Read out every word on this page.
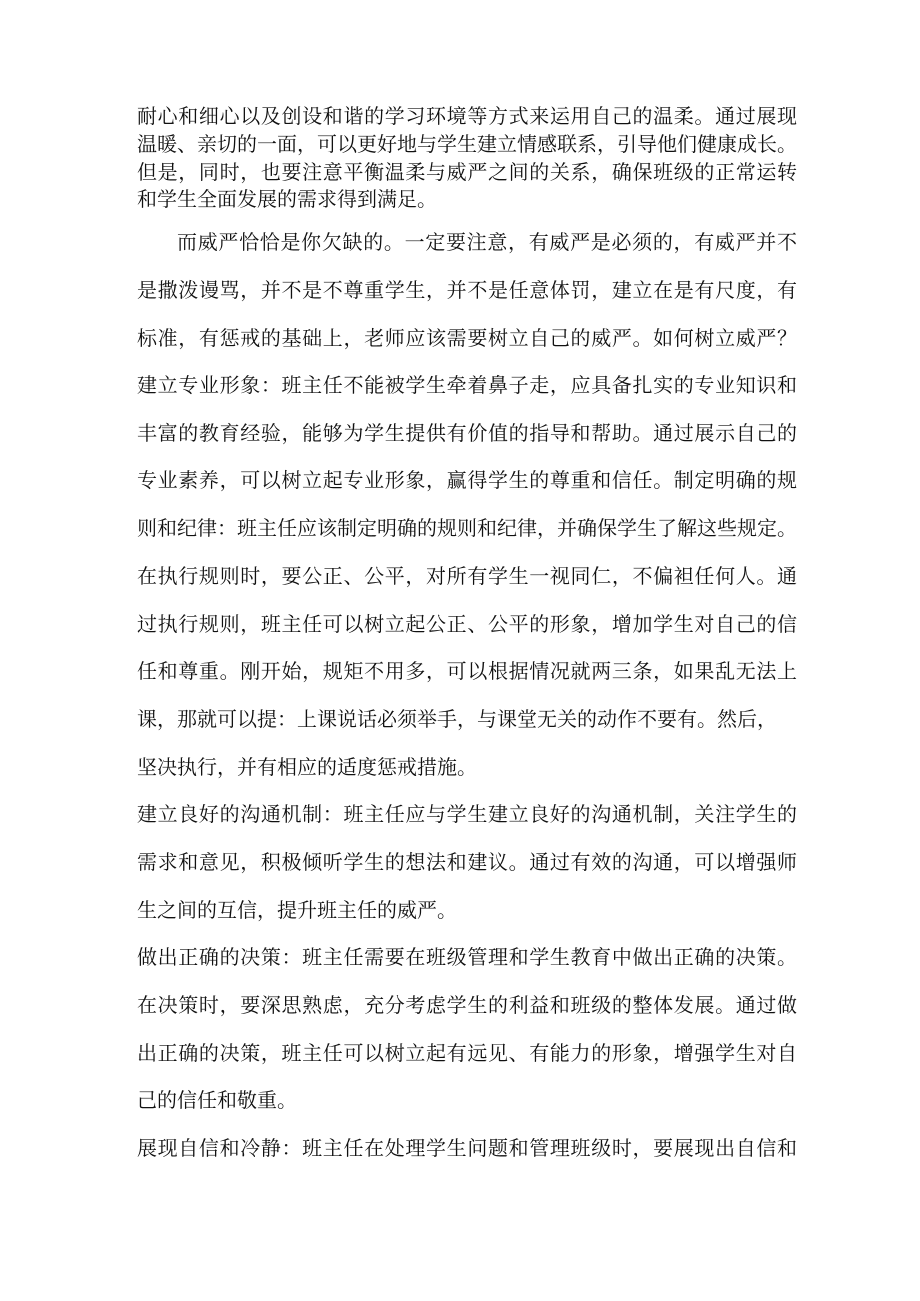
耐心和细心以及创设和谐的学习环境等方式来运用自己的温柔。通过展现

温暖、亲切的一面，可以更好地与学生建立情感联系，引导他们健康成长。

但是，同时，也要注意平衡温柔与威严之间的关系，确保班级的正常运转

和学生全面发展的需求得到满足。

而威严恰恰是你欠缺的。一定要注意，有威严是必须的，有威严并不

是撒泼谩骂，并不是不尊重学生，并不是任意体罚，建立在是有尺度，有

标准，有惩戒的基础上，老师应该需要树立自己的威严。如何树立威严？

建立专业形象：班主任不能被学生牵着鼻子走，应具备扎实的专业知识和

丰富的教育经验，能够为学生提供有价值的指导和帮助。通过展示自己的

专业素养，可以树立起专业形象，赢得学生的尊重和信任。制定明确的规

则和纪律：班主任应该制定明确的规则和纪律，并确保学生了解这些规定。

在执行规则时，要公正、公平，对所有学生一视同仁，不偏袒任何人。通

过执行规则，班主任可以树立起公正、公平的形象，增加学生对自己的信

任和尊重。刚开始，规矩不用多，可以根据情况就两三条，如果乱无法上

课，那就可以提：上课说话必须举手，与课堂无关的动作不要有。然后，

坚决执行，并有相应的适度惩戒措施。

建立良好的沟通机制：班主任应与学生建立良好的沟通机制，关注学生的

需求和意见，积极倾听学生的想法和建议。通过有效的沟通，可以增强师

生之间的互信，提升班主任的威严。

做出正确的决策：班主任需要在班级管理和学生教育中做出正确的决策。

在决策时，要深思熟虑，充分考虑学生的利益和班级的整体发展。通过做

出正确的决策，班主任可以树立起有远见、有能力的形象，增强学生对自

己的信任和敬重。

展现自信和冷静：班主任在处理学生问题和管理班级时，要展现出自信和
